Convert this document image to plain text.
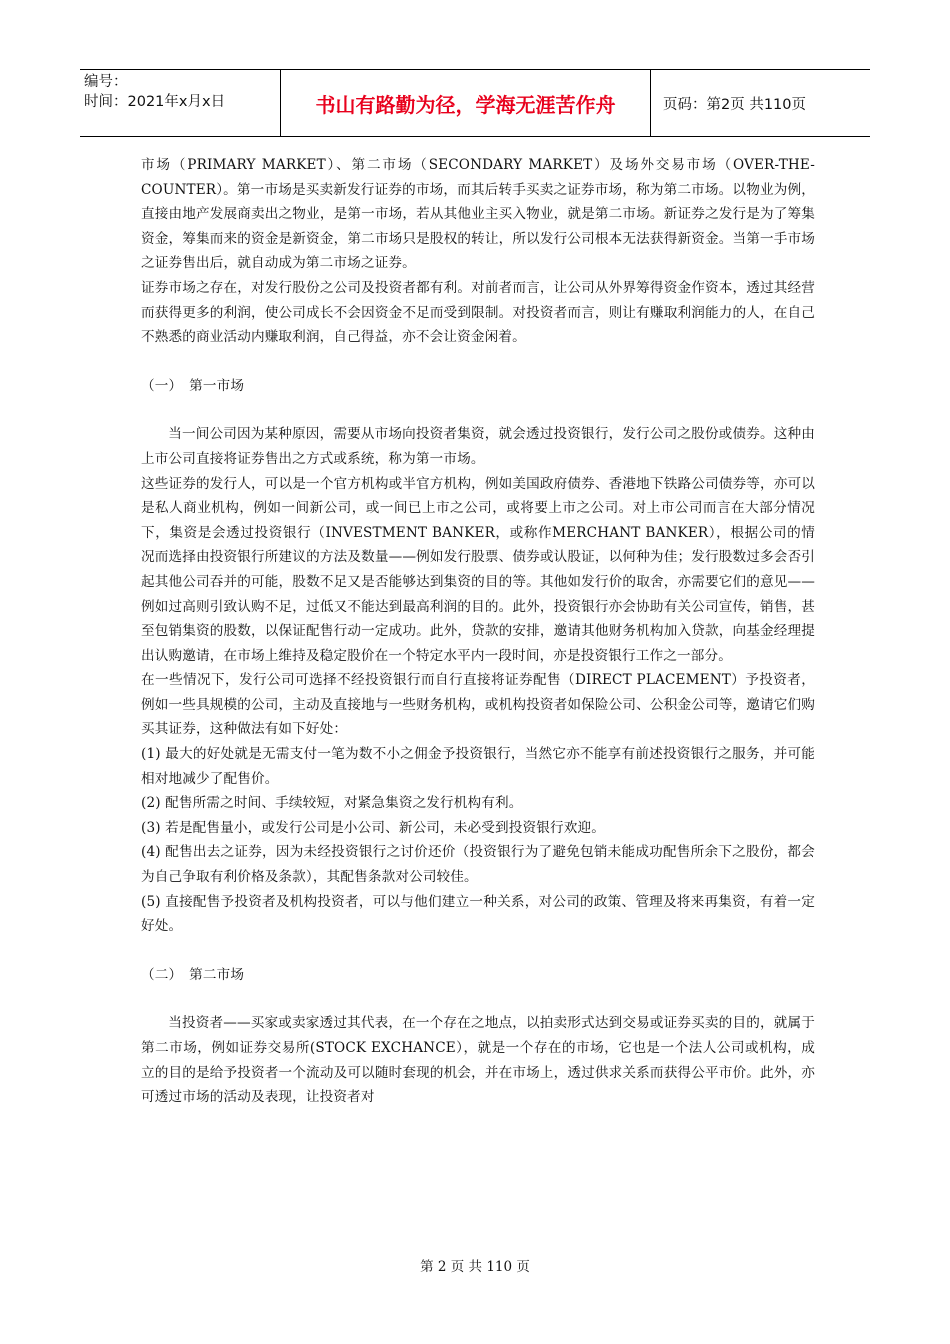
编号：
时间：2021年x月x日	书山有路勤为径，学海无涯苦作舟	页码：第2页 共110页

市场（PRIMARY MARKET）、第二市场（SECONDARY MARKET）及场外交易市场（OVER-THE-COUNTER）。第一市场是买卖新发行证券的市场，而其后转手买卖之证券市场，称为第二市场。以物业为例，直接由地产发展商卖出之物业，是第一市场，若从其他业主买入物业，就是第二市场。新证券之发行是为了筹集资金，筹集而来的资金是新资金，第二市场只是股权的转让，所以发行公司根本无法获得新资金。当第一手市场之证券售出后，就自动成为第二市场之证券。

证券市场之存在，对发行股份之公司及投资者都有利。对前者而言，让公司从外界筹得资金作资本，透过其经营而获得更多的利润，使公司成长不会因资金不足而受到限制。对投资者而言，则让有赚取利润能力的人，在自己不熟悉的商业活动内赚取利润，自己得益，亦不会让资金闲着。

（一）　第一市场

当一间公司因为某种原因，需要从市场向投资者集资，就会透过投资银行，发行公司之股份或债券。这种由上市公司直接将证券售出之方式或系统，称为第一市场。

这些证券的发行人，可以是一个官方机构或半官方机构，例如美国政府债券、香港地下铁路公司债券等，亦可以是私人商业机构，例如一间新公司，或一间已上市之公司，或将要上市之公司。对上市公司而言在大部分情况下，集资是会透过投资银行（INVESTMENT BANKER，或称作MERCHANT BANKER），根据公司的情况而选择由投资银行所建议的方法及数量——例如发行股票、债券或认股证，以何种为佳；发行股数过多会否引起其他公司吞并的可能，股数不足又是否能够达到集资的目的等。其他如发行价的取舍，亦需要它们的意见——例如过高则引致认购不足，过低又不能达到最高利润的目的。此外，投资银行亦会协助有关公司宣传，销售，甚至包销集资的股数，以保证配售行动一定成功。此外，贷款的安排，邀请其他财务机构加入贷款，向基金经理提出认购邀请，在市场上维持及稳定股价在一个特定水平内一段时间，亦是投资银行工作之一部分。

在一些情况下，发行公司可选择不经投资银行而自行直接将证券配售（DIRECT PLACEMENT）予投资者，例如一些具规模的公司，主动及直接地与一些财务机构，或机构投资者如保险公司、公积金公司等，邀请它们购买其证券，这种做法有如下好处：

(1) 最大的好处就是无需支付一笔为数不小之佣金予投资银行，当然它亦不能享有前述投资银行之服务，并可能相对地减少了配售价。

(2) 配售所需之时间、手续较短，对紧急集资之发行机构有利。

(3) 若是配售量小，或发行公司是小公司、新公司，未必受到投资银行欢迎。

(4) 配售出去之证券，因为未经投资银行之讨价还价（投资银行为了避免包销未能成功配售所余下之股份，都会为自己争取有利价格及条款），其配售条款对公司较佳。

(5) 直接配售予投资者及机构投资者，可以与他们建立一种关系，对公司的政策、管理及将来再集资，有着一定好处。

（二）　第二市场

当投资者——买家或卖家透过其代表，在一个存在之地点，以拍卖形式达到交易或证券买卖的目的，就属于第二市场，例如证券交易所(STOCK EXCHANCE），就是一个存在的市场，它也是一个法人公司或机构，成立的目的是给予投资者一个流动及可以随时套现的机会，并在市场上，透过供求关系而获得公平市价。此外，亦可透过市场的活动及表现，让投资者对

第 2 页 共 110 页
